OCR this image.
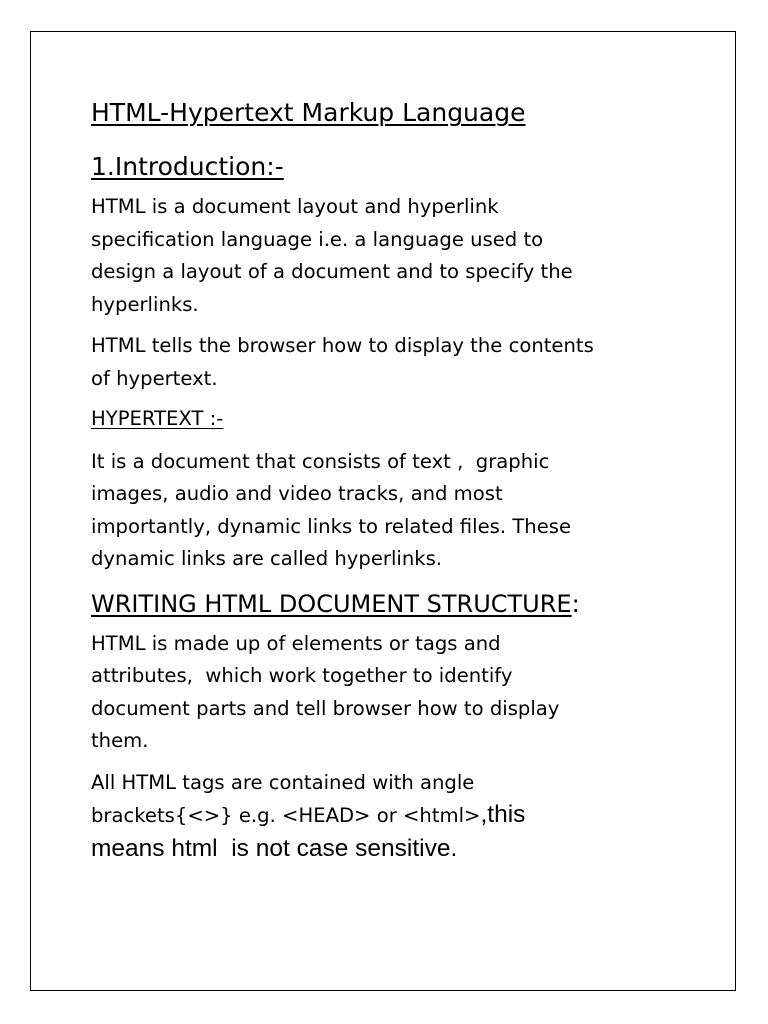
HTML-Hypertext Markup Language
1.Introduction:-

HTML is a document layout and hyperlink
specification language i.e. a language used to
design a layout of a document and to specify the
hyperlinks.

HTML tells the browser how to display the contents
of hypertext.

HYPERTEXT :-

It is a document that consists of text ,  graphic
images, audio and video tracks, and most
importantly, dynamic links to related files. These
dynamic links are called hyperlinks.

WRITING HTML DOCUMENT STRUCTURE:

HTML is made up of elements or tags and
attributes,  which work together to identify
document parts and tell browser how to display
them.

All HTML tags are contained with angle
brackets{<>} e.g. <HEAD> or <html>,this
means html  is not case sensitive.
